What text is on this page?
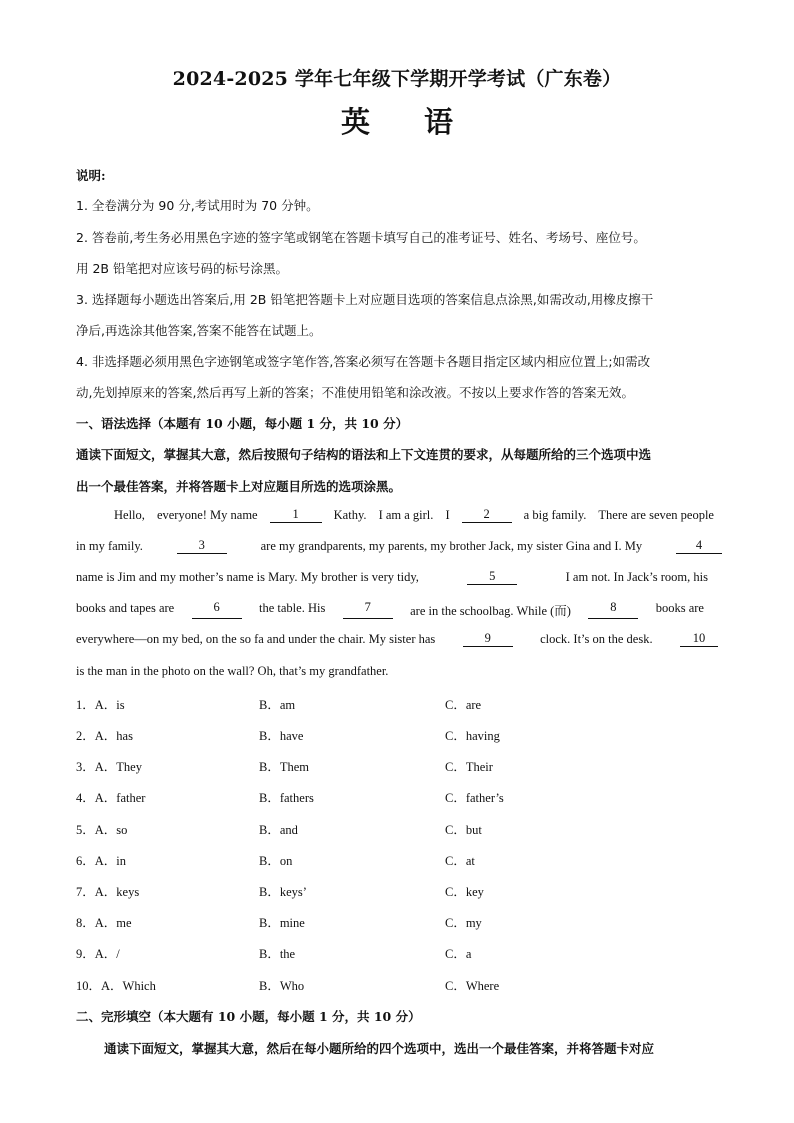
2024-2025 学年七年级下学期开学考试（广东卷）
英 语
说明:
1. 全卷满分为 90 分,考试用时为 70 分钟。
2. 答卷前,考生务必用黑色字迹的签字笔或钢笔在答题卡填写自己的准考证号、姓名、考场号、座位号。
用 2B 铅笔把对应该号码的标号涂黑。
3. 选择题每小题选出答案后,用 2B 铅笔把答题卡上对应题目选项的答案信息点涂黑,如需改动,用橡皮擦干
净后,再选涂其他答案,答案不能答在试题上。
4. 非选择题必须用黑色字迹钢笔或签字笔作答,答案必须写在答题卡各题目指定区域内相应位置上;如需改
动,先划掉原来的答案,然后再写上新的答案；不准使用铅笔和涂改液。不按以上要求作答的答案无效。
一、语法选择（本题有 10 小题，每小题 1 分，共 10 分）
通读下面短文，掌握其大意，然后按照句子结构的语法和上下文连贯的要求，从每题所给的三个选项中选
出一个最佳答案，并将答题卡上对应题目所选的选项涂黑。
Hello, everyone! My name	1	Kathy. I am a girl. I	2	a big family. There are seven people
in my family.	3	are my grandparents, my parents, my brother Jack, my sister Gina and I. My	4
name is Jim and my mother’s name is Mary. My brother is very tidy,	5	I am not. In Jack’s room, his
books and tapes are	6	the table. His	7	are in the schoolbag. While (而)	8	books are
everywhere—on my bed, on the so fa and under the chair. My sister has	9	clock. It’s on the desk.	10
is the man in the photo on the wall? Oh, that’s my grandfather.
1．A．is	B．am	C．are
2．A．has	B．have	C．having
3．A．They	B．Them	C．Their
4．A．father	B．fathers	C．father’s
5．A．so	B．and	C．but
6．A．in	B．on	C．at
7．A．keys	B．keys’	C．key
8．A．me	B．mine	C．my
9．A．/	B．the	C．a
10．A．Which	B．Who	C．Where
二、完形填空（本大题有 10 小题，每小题 1 分，共 10 分）
通读下面短文，掌握其大意，然后在每小题所给的四个选项中，选出一个最佳答案，并将答题卡对应
